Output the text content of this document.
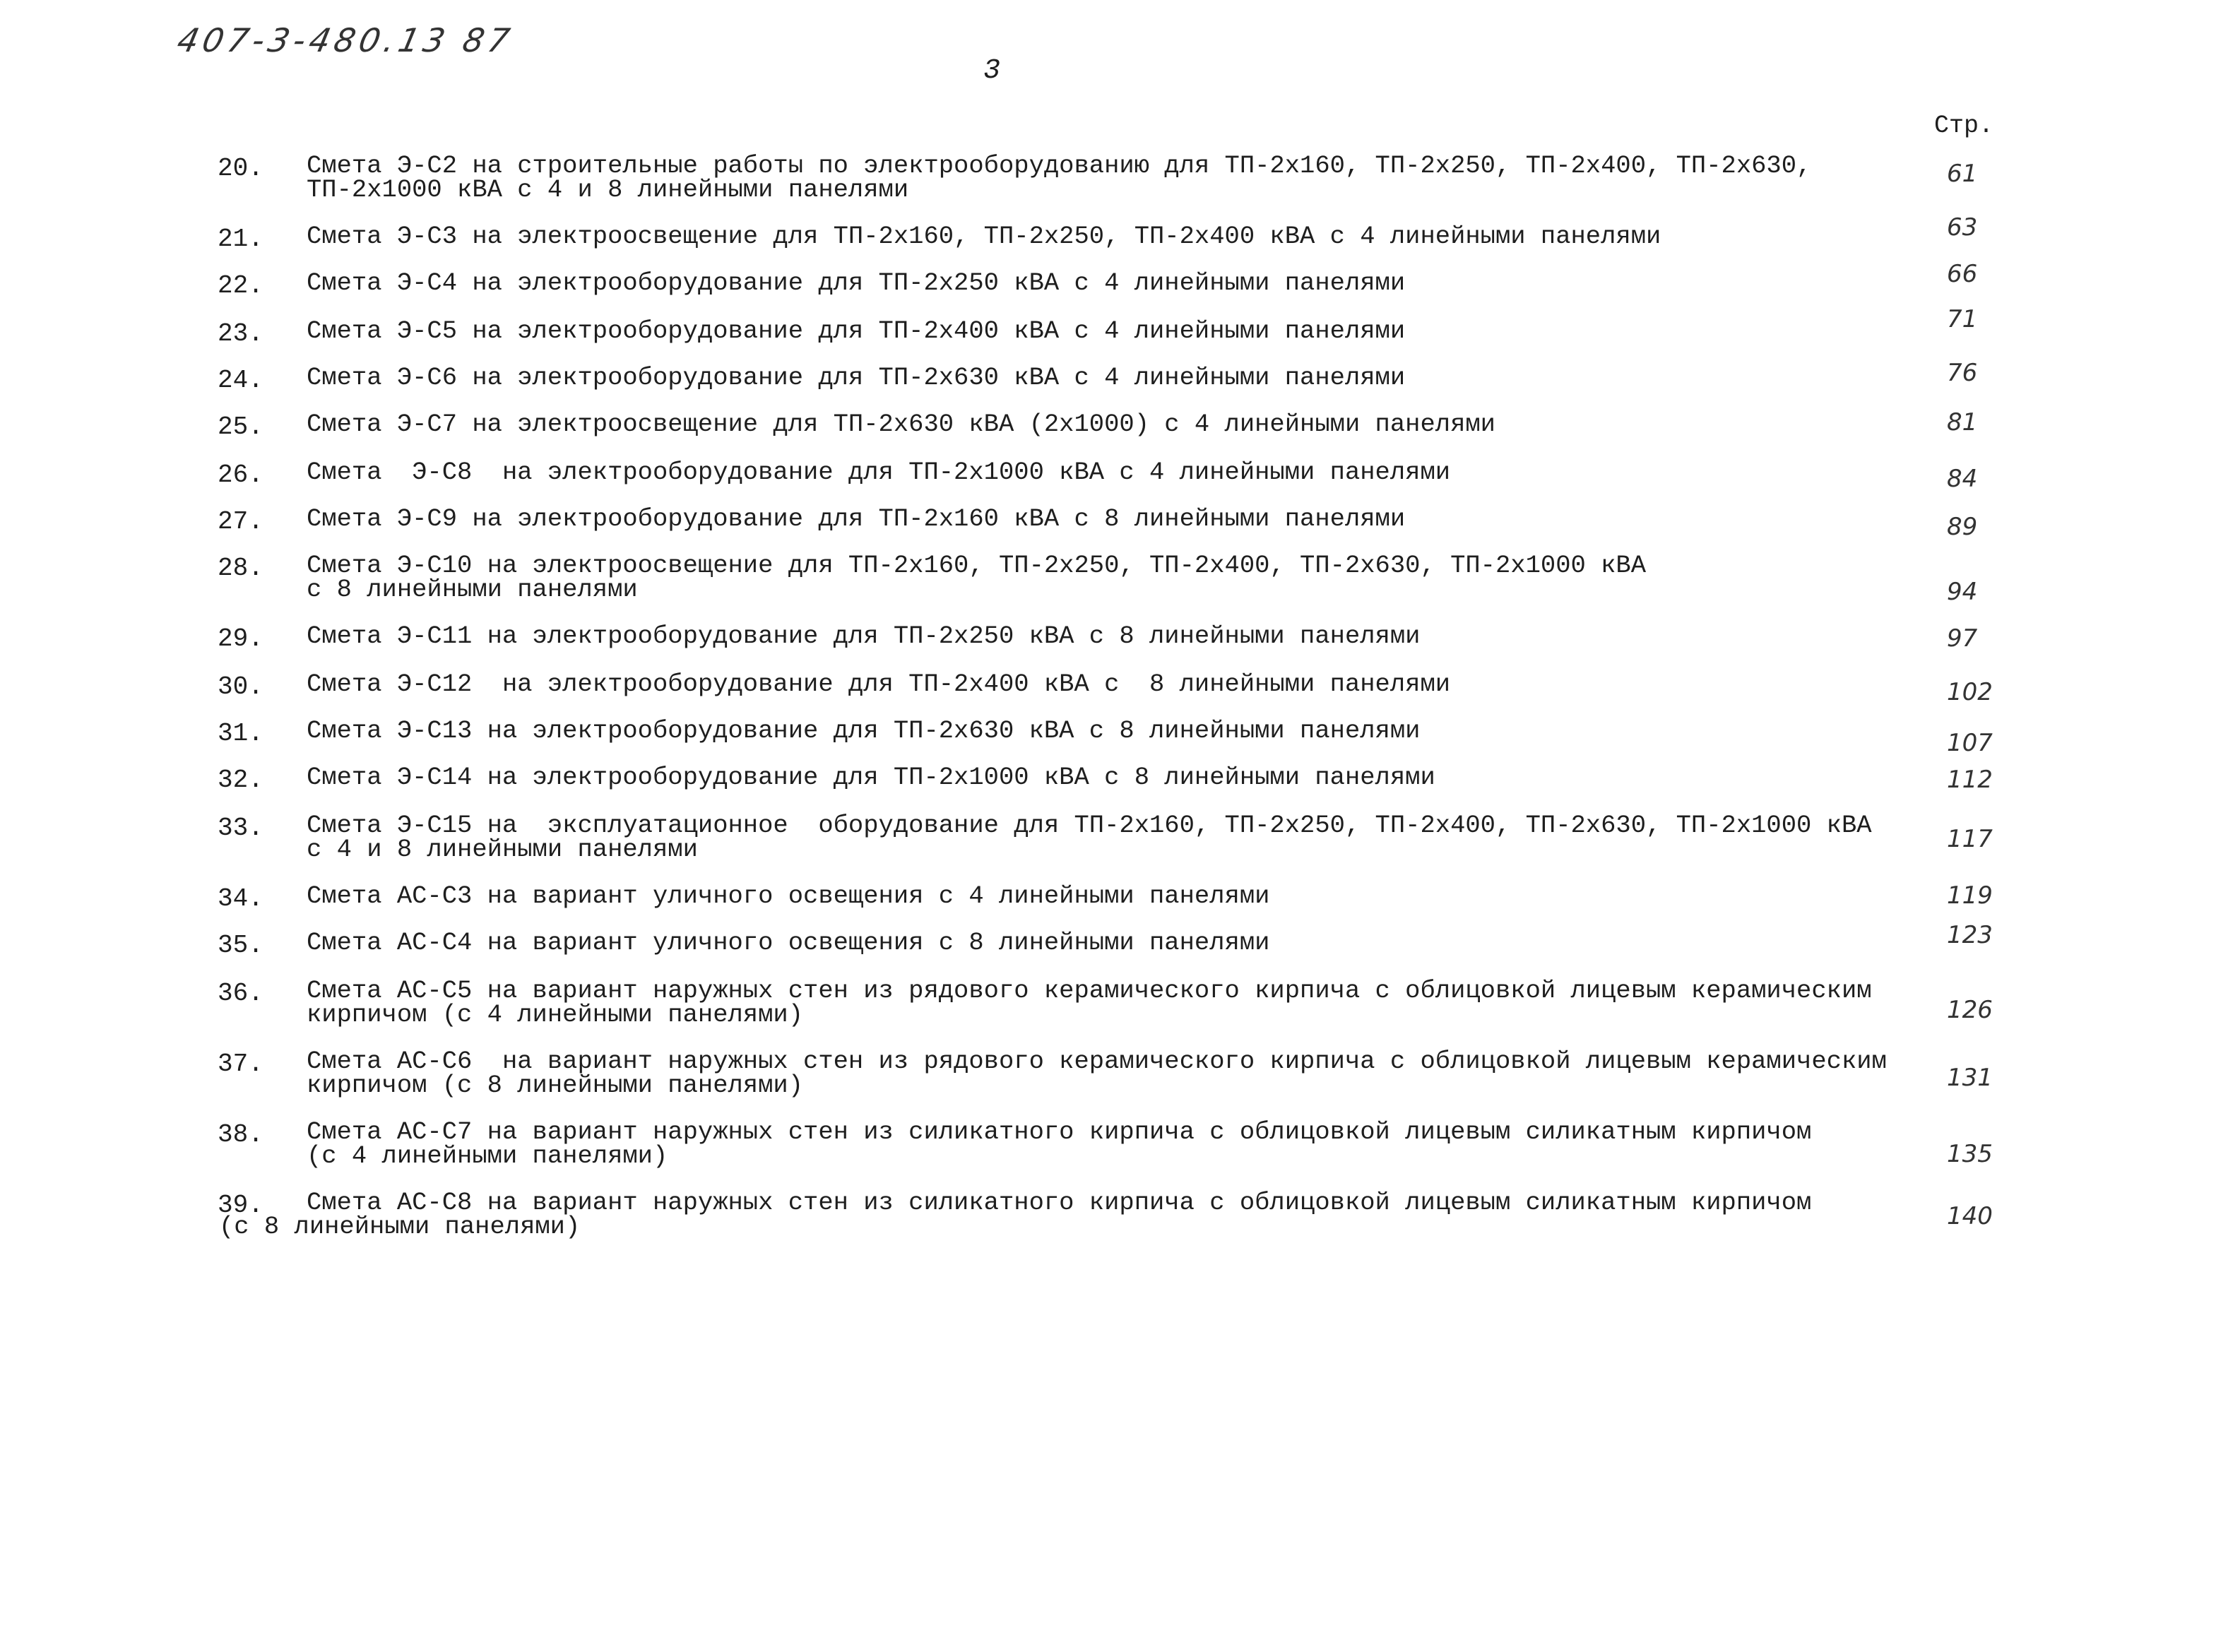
407-3-480.13 87
3
Стр.
20. Смета Э-С2 на строительные работы по электрооборудованию для ТП-2х160, ТП-2х250, ТП-2х400, ТП-2х630,
ТП-2х1000 кВА с 4 и 8 линейными панелями
61
21. Смета Э-С3 на электроосвещение для ТП-2х160, ТП-2х250, ТП-2х400 кВА с 4 линейными панелями	63
22. Смета Э-С4 на электрооборудование для ТП-2х250 кВА с 4 линейными панелями	66
23. Смета Э-С5 на электрооборудование для ТП-2х400 кВА с 4 линейными панелями	71
24. Смета Э-С6 на электрооборудование для ТП-2х630 кВА с 4 линейными панелями	76
25. Смета Э-С7 на электроосвещение для ТП-2х630 кВА (2х1000) с 4 линейными панелями	81
26. Смета  Э-С8  на электрооборудование для ТП-2х1000 кВА с 4 линейными панелями	84
27. Смета Э-С9 на электрооборудование для ТП-2х160 кВА с 8 линейными панелями	89
28. Смета Э-С10 на электроосвещение для ТП-2х160, ТП-2х250, ТП-2х400, ТП-2х630, ТП-2х1000 кВА
с 8 линейными панелями	94
29. Смета Э-С11 на электрооборудование для ТП-2х250 кВА с 8 линейными панелями	97
30. Смета Э-С12  на электрооборудование для ТП-2х400 кВА с  8 линейными панелями	102
31. Смета Э-С13 на электрооборудование для ТП-2х630 кВА с 8 линейными панелями	107
32. Смета Э-С14 на электрооборудование для ТП-2х1000 кВА с 8 линейными панелями	112
33. Смета Э-С15 на  эксплуатационное  оборудование для ТП-2х160, ТП-2х250, ТП-2х400, ТП-2х630, ТП-2х1000 кВА
с 4 и 8 линейными панелями	117
34. Смета АС-С3 на вариант уличного освещения с 4 линейными панелями	119
35. Смета АС-С4 на вариант уличного освещения с 8 линейными панелями	123
36. Смета АС-С5 на вариант наружных стен из рядового керамического кирпича с облицовкой лицевым керамическим
кирпичом (с 4 линейными панелями)	126
37. Смета АС-С6  на вариант наружных стен из рядового керамического кирпича с облицовкой лицевым керамическим
кирпичом (с 8 линейными панелями)	131
38. Смета АС-С7 на вариант наружных стен из силикатного кирпича с облицовкой лицевым силикатным кирпичом
(с 4 линейными панелями)	135
39. Смета АС-С8 на вариант наружных стен из силикатного кирпича с облицовкой лицевым силикатным кирпичом
(с 8 линейными панелями)	140
